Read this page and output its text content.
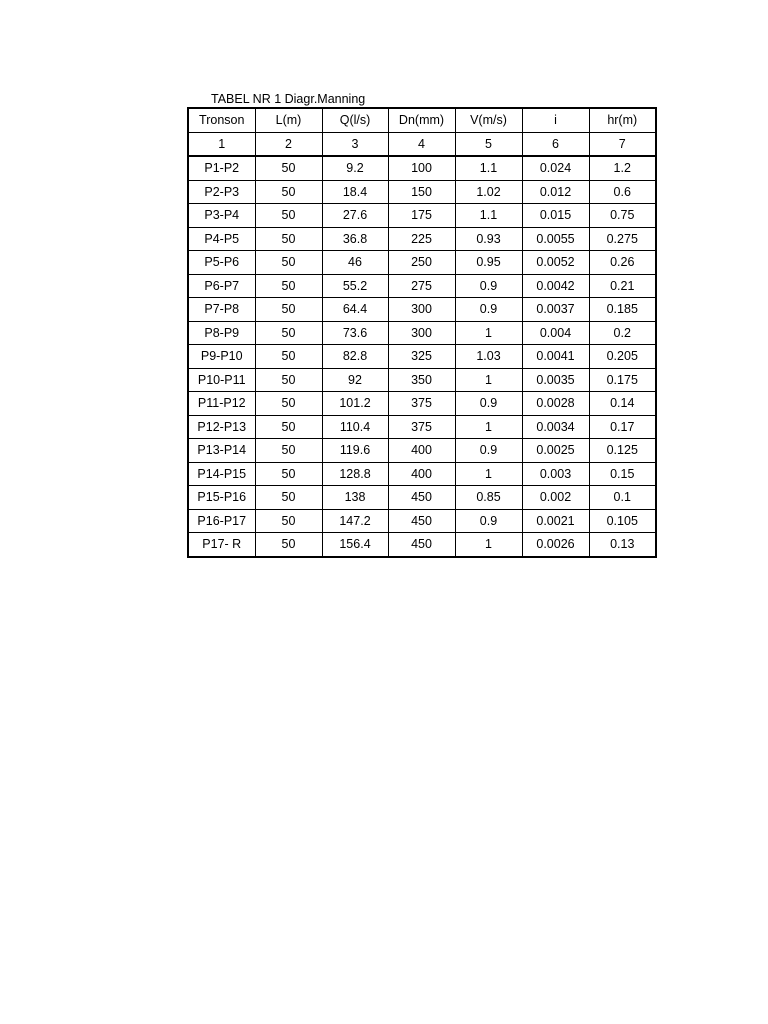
TABEL NR 1 Diagr.Manning
Tronson	L(m)	Q(l/s)	Dn(mm)	V(m/s)	i	hr(m)
1	2	3	4	5	6	7
P1-P2	50	9.2	100	1.1	0.024	1.2
P2-P3	50	18.4	150	1.02	0.012	0.6
P3-P4	50	27.6	175	1.1	0.015	0.75
P4-P5	50	36.8	225	0.93	0.0055	0.275
P5-P6	50	46	250	0.95	0.0052	0.26
P6-P7	50	55.2	275	0.9	0.0042	0.21
P7-P8	50	64.4	300	0.9	0.0037	0.185
P8-P9	50	73.6	300	1	0.004	0.2
P9-P10	50	82.8	325	1.03	0.0041	0.205
P10-P11	50	92	350	1	0.0035	0.175
P11-P12	50	101.2	375	0.9	0.0028	0.14
P12-P13	50	110.4	375	1	0.0034	0.17
P13-P14	50	119.6	400	0.9	0.0025	0.125
P14-P15	50	128.8	400	1	0.003	0.15
P15-P16	50	138	450	0.85	0.002	0.1
P16-P17	50	147.2	450	0.9	0.0021	0.105
P17- R	50	156.4	450	1	0.0026	0.13
